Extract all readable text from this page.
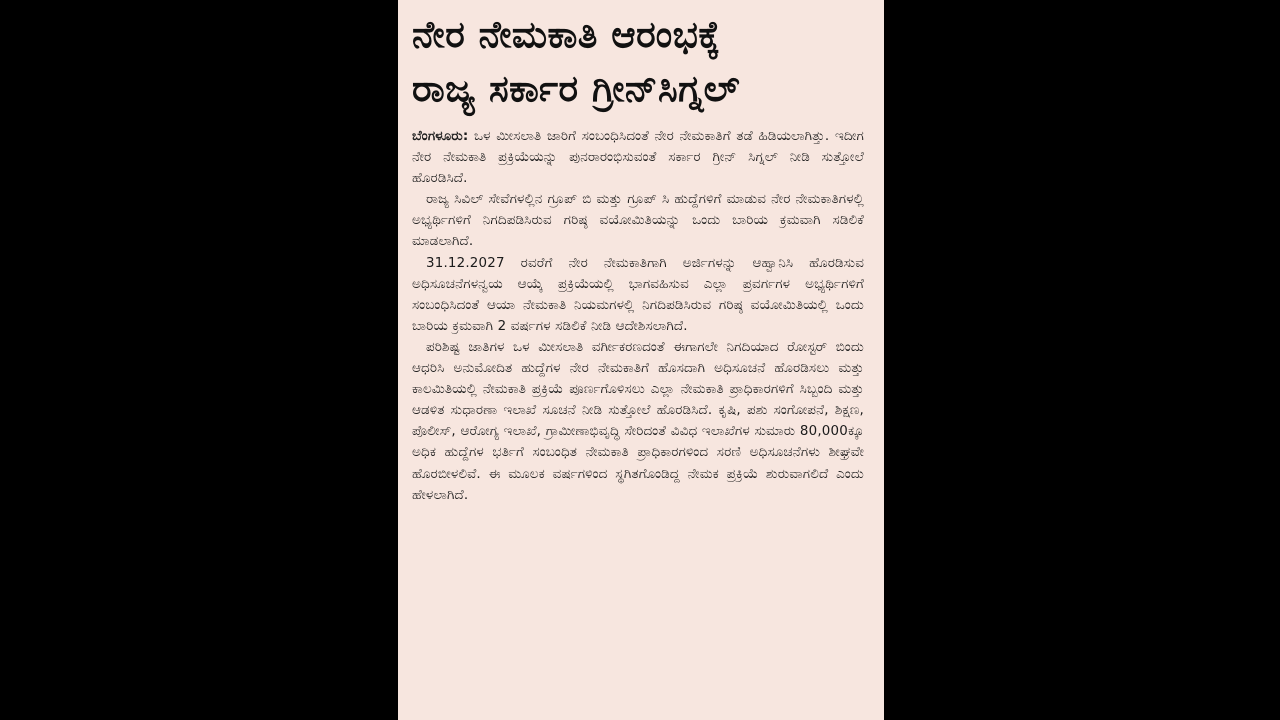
ನೇರ ನೇಮಕಾತಿ ಆರಂಭಕ್ಕೆ
ರಾಜ್ಯ ಸರ್ಕಾರ ಗ್ರೀನ್‌ಸಿಗ್ನಲ್

ಬೆಂಗಳೂರು: ಒಳ ಮೀಸಲಾತಿ ಜಾರಿಗೆ ಸಂಬಂಧಿಸಿದಂತೆ ನೇರ ನೇಮಕಾತಿಗೆ ತಡೆ ಹಿಡಿಯಲಾಗಿತ್ತು. ಇದೀಗ ನೇರ ನೇಮಕಾತಿ ಪ್ರಕ್ರಿಯೆಯನ್ನು ಪುನರಾರಂಭಿಸುವಂತೆ ಸರ್ಕಾರ ಗ್ರೀನ್ ಸಿಗ್ನಲ್ ನೀಡಿ ಸುತ್ತೋಲೆ ಹೊರಡಿಸಿದೆ.

ರಾಜ್ಯ ಸಿವಿಲ್ ಸೇವೆಗಳಲ್ಲಿನ ಗ್ರೂಪ್ ಬಿ ಮತ್ತು ಗ್ರೂಪ್ ಸಿ ಹುದ್ದೆಗಳಿಗೆ ಮಾಡುವ ನೇರ ನೇಮಕಾತಿಗಳಲ್ಲಿ ಅಭ್ಯರ್ಥಿಗಳಿಗೆ ನಿಗದಿಪಡಿಸಿರುವ ಗರಿಷ್ಠ ವಯೋಮಿತಿಯನ್ನು ಒಂದು ಬಾರಿಯ ಕ್ರಮವಾಗಿ ಸಡಿಲಿಕೆ ಮಾಡಲಾಗಿದೆ.

31.12.2027 ರವರೆಗೆ ನೇರ ನೇಮಕಾತಿಗಾಗಿ ಅರ್ಜಿಗಳನ್ನು ಆಹ್ವಾನಿಸಿ ಹೊರಡಿಸುವ ಅಧಿಸೂಚನೆಗಳನ್ವಯ ಆಯ್ಕೆ ಪ್ರಕ್ರಿಯೆಯಲ್ಲಿ ಭಾಗವಹಿಸುವ ಎಲ್ಲಾ ಪ್ರವರ್ಗಗಳ ಅಭ್ಯರ್ಥಿಗಳಿಗೆ ಸಂಬಂಧಿಸಿದಂತೆ ಆಯಾ ನೇಮಕಾತಿ ನಿಯಮಗಳಲ್ಲಿ ನಿಗದಿಪಡಿಸಿರುವ ಗರಿಷ್ಠ ವಯೋಮಿತಿಯಲ್ಲಿ ಒಂದು ಬಾರಿಯ ಕ್ರಮವಾಗಿ 2 ವರ್ಷಗಳ ಸಡಿಲಿಕೆ ನೀಡಿ ಆದೇಶಿಸಲಾಗಿದೆ.

ಪರಿಶಿಷ್ಟ ಜಾತಿಗಳ ಒಳ ಮೀಸಲಾತಿ ವರ್ಗೀಕರಣದಂತೆ ಈಗಾಗಲೇ ನಿಗದಿಯಾದ ರೋಸ್ಟರ್ ಬಿಂದು ಆಧರಿಸಿ ಅನುಮೋದಿತ ಹುದ್ದೆಗಳ ನೇರ ನೇಮಕಾತಿಗೆ ಹೊಸದಾಗಿ ಅಧಿಸೂಚನೆ ಹೊರಡಿಸಲು ಮತ್ತು ಕಾಲಮಿತಿಯಲ್ಲಿ ನೇಮಕಾತಿ ಪ್ರಕ್ರಿಯೆ ಪೂರ್ಣಗೊಳಿಸಲು ಎಲ್ಲಾ ನೇಮಕಾತಿ ಪ್ರಾಧಿಕಾರಗಳಿಗೆ ಸಿಬ್ಬಂದಿ ಮತ್ತು ಆಡಳಿತ ಸುಧಾರಣಾ ಇಲಾಖೆ ಸೂಚನೆ ನೀಡಿ ಸುತ್ತೋಲೆ ಹೊರಡಿಸಿದೆ. ಕೃಷಿ, ಪಶು ಸಂಗೋಪನೆ, ಶಿಕ್ಷಣ, ಪೊಲೀಸ್, ಆರೋಗ್ಯ ಇಲಾಖೆ, ಗ್ರಾಮೀಣಾಭಿವೃದ್ಧಿ ಸೇರಿದಂತೆ ವಿವಿಧ ಇಲಾಖೆಗಳ ಸುಮಾರು 80,000ಕ್ಕೂ ಅಧಿಕ ಹುದ್ದೆಗಳ ಭರ್ತಿಗೆ ಸಂಬಂಧಿತ ನೇಮಕಾತಿ ಪ್ರಾಧಿಕಾರಗಳಿಂದ ಸರಣಿ ಅಧಿಸೂಚನೆಗಳು ಶೀಘ್ರವೇ ಹೊರಬೀಳಲಿವೆ. ಈ ಮೂಲಕ ವರ್ಷಗಳಿಂದ ಸ್ಥಗಿತಗೊಂಡಿದ್ದ ನೇಮಕ ಪ್ರಕ್ರಿಯೆ ಶುರುವಾಗಲಿದೆ ಎಂದು ಹೇಳಲಾಗಿದೆ.
